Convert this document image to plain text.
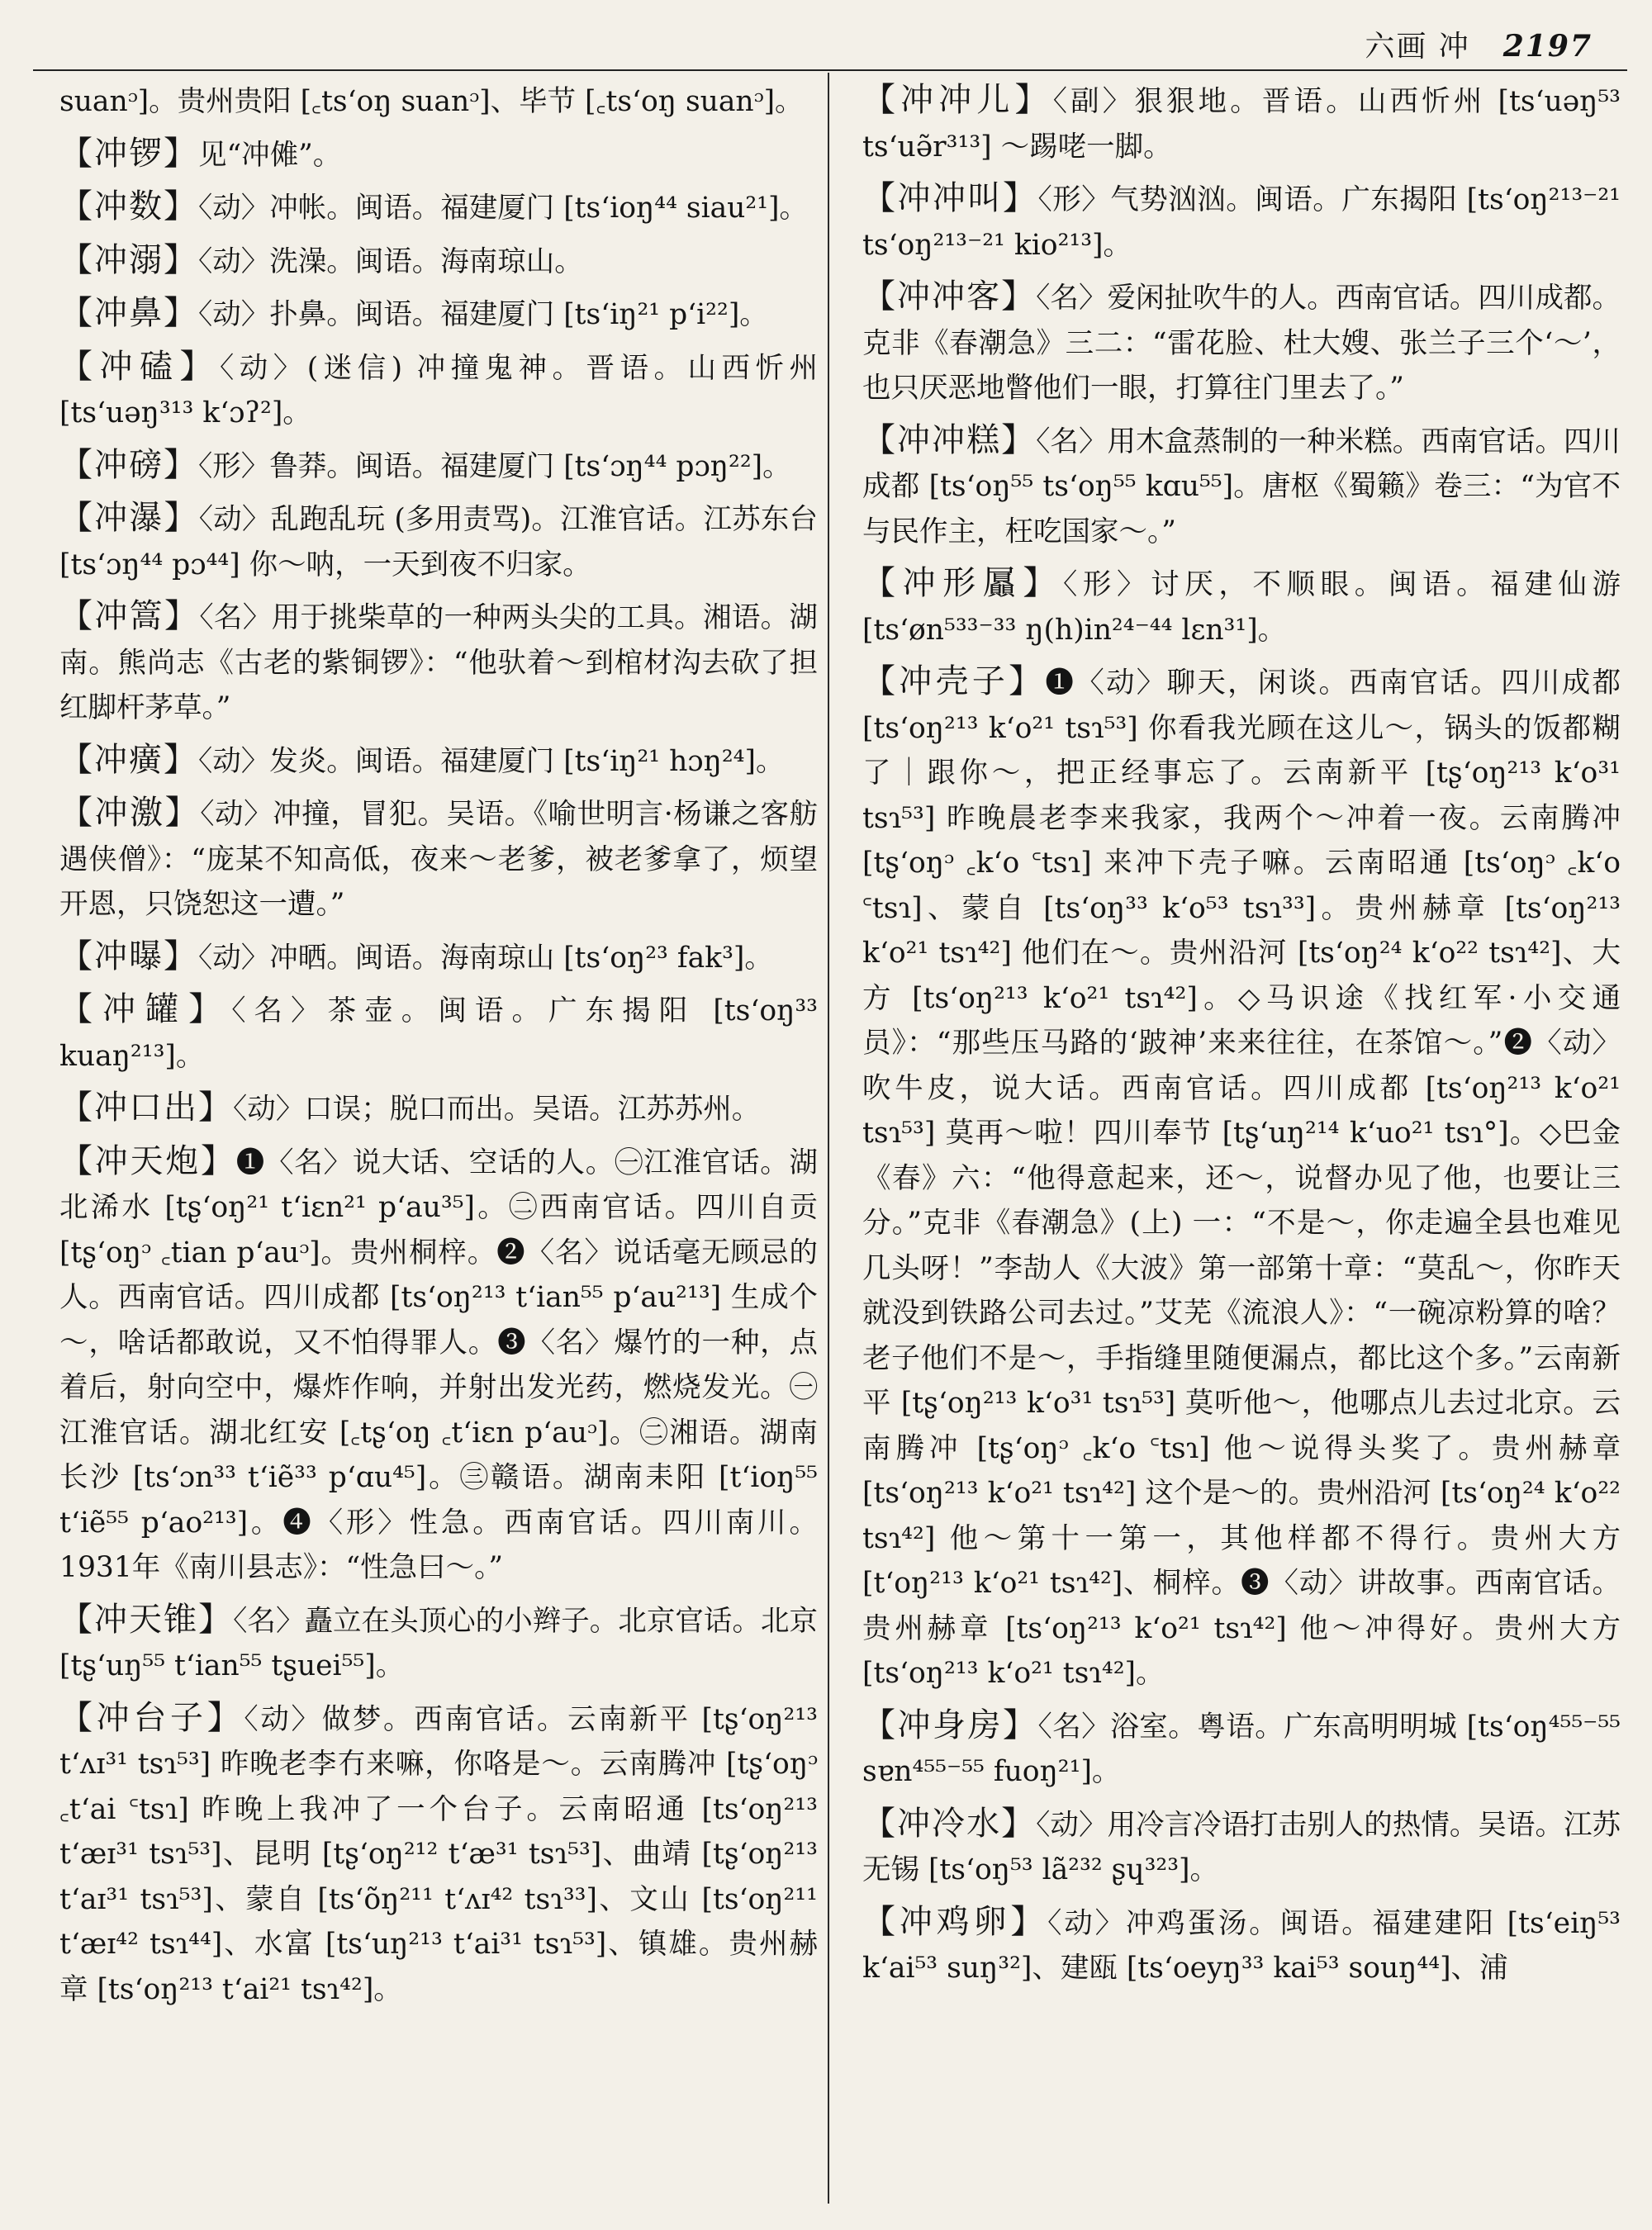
六画 冲 2197

suanᵓ]。贵州贵阳 [꜀tsʻoŋ suanᵓ]、毕节 [꜀tsʻoŋ suanᵓ]。

【冲锣】见“冲傩”。

【冲数】〈动〉冲帐。闽语。福建厦门 [tsʻioŋ⁴⁴ siau²¹]。

【冲溺】〈动〉洗澡。闽语。海南琼山。

【冲鼻】〈动〉扑鼻。闽语。福建厦门 [tsʻiŋ²¹ pʻi²²]。

【冲磕】〈动〉(迷信) 冲撞鬼神。晋语。山西忻州 [tsʻuəŋ³¹³ kʻɔʔ²]。

【冲磅】〈形〉鲁莽。闽语。福建厦门 [tsʻɔŋ⁴⁴ pɔŋ²²]。

【冲瀑】〈动〉乱跑乱玩 (多用责骂)。江淮官话。江苏东台 [tsʻɔŋ⁴⁴ pɔ⁴⁴] 你～呐，一天到夜不归家。

【冲篙】〈名〉用于挑柴草的一种两头尖的工具。湘语。湖南。熊尚志《古老的紫铜锣》：“他驮着～到棺材沟去砍了担红脚杆茅草。”

【冲癀】〈动〉发炎。闽语。福建厦门 [tsʻiŋ²¹ hɔŋ²⁴]。

【冲激】〈动〉冲撞，冒犯。吴语。《喻世明言·杨谦之客舫遇侠僧》：“庞某不知高低，夜来～老爹，被老爹拿了，烦望开恩，只饶恕这一遭。”

【冲曝】〈动〉冲晒。闽语。海南琼山 [tsʻoŋ²³ fak³]。

【冲罐】〈名〉茶壶。闽语。广东揭阳 [tsʻoŋ³³ kuaŋ²¹³]。

【冲口出】〈动〉口误；脱口而出。吴语。江苏苏州。

【冲天炮】❶〈名〉说大话、空话的人。㊀江淮官话。湖北浠水 [tʂʻoŋ²¹ tʻiɛn²¹ pʻau³⁵]。㊁西南官话。四川自贡 [tʂʻoŋᵓ ꜀tian pʻauᵓ]。贵州桐梓。❷〈名〉说话毫无顾忌的人。西南官话。四川成都 [tsʻoŋ²¹³ tʻian⁵⁵ pʻau²¹³] 生成个～，啥话都敢说，又不怕得罪人。❸〈名〉爆竹的一种，点着后，射向空中，爆炸作响，并射出发光药，燃烧发光。㊀江淮官话。湖北红安 [꜀tʂʻoŋ ꜀tʻiɛn pʻauᵓ]。㊁湘语。湖南长沙 [tsʻɔn³³ tʻiẽ³³ pʻɑu⁴⁵]。㊂赣语。湖南耒阳 [tʻioŋ⁵⁵ tʻiẽ⁵⁵ pʻao²¹³]。❹〈形〉性急。西南官话。四川南川。1931年《南川县志》：“性急曰～。”

【冲天锥】〈名〉矗立在头顶心的小辫子。北京官话。北京 [tʂʻuŋ⁵⁵ tʻian⁵⁵ tʂuei⁵⁵]。

【冲台子】〈动〉做梦。西南官话。云南新平 [tʂʻoŋ²¹³ tʻʌɪ³¹ tsɿ⁵³] 昨晚老李冇来嘛，你咯是～。云南腾冲 [tʂʻoŋᵓ ꜀tʻai ꜂tsɿ] 昨晚上我冲了一个台子。云南昭通 [tsʻoŋ²¹³ tʻæɪ³¹ tsɿ⁵³]、昆明 [tʂʻoŋ²¹² tʻæ³¹ tsɿ⁵³]、曲靖 [tʂʻoŋ²¹³ tʻaɪ³¹ tsɿ⁵³]、蒙自 [tsʻõŋ²¹¹ tʻʌɪ⁴² tsɿ³³]、文山 [tsʻoŋ²¹¹ tʻæɪ⁴² tsɿ⁴⁴]、水富 [tsʻuŋ²¹³ tʻai³¹ tsɿ⁵³]、镇雄。贵州赫章 [tsʻoŋ²¹³ tʻai²¹ tsɿ⁴²]。

【冲冲儿】〈副〉狠狠地。晋语。山西忻州 [tsʻuəŋ⁵³ tsʻuə̃r³¹³] ～踢咾一脚。

【冲冲叫】〈形〉气势汹汹。闽语。广东揭阳 [tsʻoŋ²¹³⁻²¹ tsʻoŋ²¹³⁻²¹ kio²¹³]。

【冲冲客】〈名〉爱闲扯吹牛的人。西南官话。四川成都。克非《春潮急》三二：“雷花脸、杜大嫂、张兰子三个‘～’，也只厌恶地瞥他们一眼，打算往门里去了。”

【冲冲糕】〈名〉用木盒蒸制的一种米糕。西南官话。四川成都 [tsʻoŋ⁵⁵ tsʻoŋ⁵⁵ kɑu⁵⁵]。唐枢《蜀籁》卷三：“为官不与民作主，枉吃国家～。”

【冲形屭】〈形〉讨厌，不顺眼。闽语。福建仙游 [tsʻøn⁵³³⁻³³ ŋ(h)in²⁴⁻⁴⁴ lɛn³¹]。

【冲壳子】❶〈动〉聊天，闲谈。西南官话。四川成都 [tsʻoŋ²¹³ kʻo²¹ tsɿ⁵³] 你看我光顾在这儿～，锅头的饭都糊了｜跟你～，把正经事忘了。云南新平 [tʂʻoŋ²¹³ kʻo³¹ tsɿ⁵³] 昨晚晨老李来我家，我两个～冲着一夜。云南腾冲 [tʂʻoŋᵓ ꜀kʻo ꜂tsɿ] 来冲下壳子嘛。云南昭通 [tsʻoŋᵓ ꜀kʻo ꜂tsɿ]、蒙自 [tsʻoŋ³³ kʻo⁵³ tsɿ³³]。贵州赫章 [tsʻoŋ²¹³ kʻo²¹ tsɿ⁴²] 他们在～。贵州沿河 [tsʻoŋ²⁴ kʻo²² tsɿ⁴²]、大方 [tsʻoŋ²¹³ kʻo²¹ tsɿ⁴²]。◇马识途《找红军·小交通员》：“那些压马路的‘跛神’来来往往，在茶馆～。”❷〈动〉吹牛皮，说大话。西南官话。四川成都 [tsʻoŋ²¹³ kʻo²¹ tsɿ⁵³] 莫再～啦！四川奉节 [tʂʻuŋ²¹⁴ kʻuo²¹ tsɿ°]。◇巴金《春》六：“他得意起来，还～，说督办见了他，也要让三分。”克非《春潮急》(上) 一：“不是～，你走遍全县也难见几头呀！”李劼人《大波》第一部第十章：“莫乱～，你昨天就没到铁路公司去过。”艾芜《流浪人》：“一碗凉粉算的啥？老子他们不是～，手指缝里随便漏点，都比这个多。”云南新平 [tʂʻoŋ²¹³ kʻo³¹ tsɿ⁵³] 莫听他～，他哪点儿去过北京。云南腾冲 [tʂʻoŋᵓ ꜀kʻo ꜂tsɿ] 他～说得头奖了。贵州赫章 [tsʻoŋ²¹³ kʻo²¹ tsɿ⁴²] 这个是～的。贵州沿河 [tsʻoŋ²⁴ kʻo²² tsɿ⁴²] 他～第十一第一，其他样都不得行。贵州大方 [tʻoŋ²¹³ kʻo²¹ tsɿ⁴²]、桐梓。❸〈动〉讲故事。西南官话。贵州赫章 [tsʻoŋ²¹³ kʻo²¹ tsɿ⁴²] 他～冲得好。贵州大方 [tsʻoŋ²¹³ kʻo²¹ tsɿ⁴²]。

【冲身房】〈名〉浴室。粤语。广东高明明城 [tsʻoŋ⁴⁵⁵⁻⁵⁵ sɐn⁴⁵⁵⁻⁵⁵ fuoŋ²¹]。

【冲冷水】〈动〉用冷言冷语打击别人的热情。吴语。江苏无锡 [tsʻoŋ⁵³ lã²³² ʂɥ³²³]。

【冲鸡卵】〈动〉冲鸡蛋汤。闽语。福建建阳 [tsʻeiŋ⁵³ kʻai⁵³ suŋ³²]、建瓯 [tsʻoeyŋ³³ kai⁵³ souŋ⁴⁴]、浦
